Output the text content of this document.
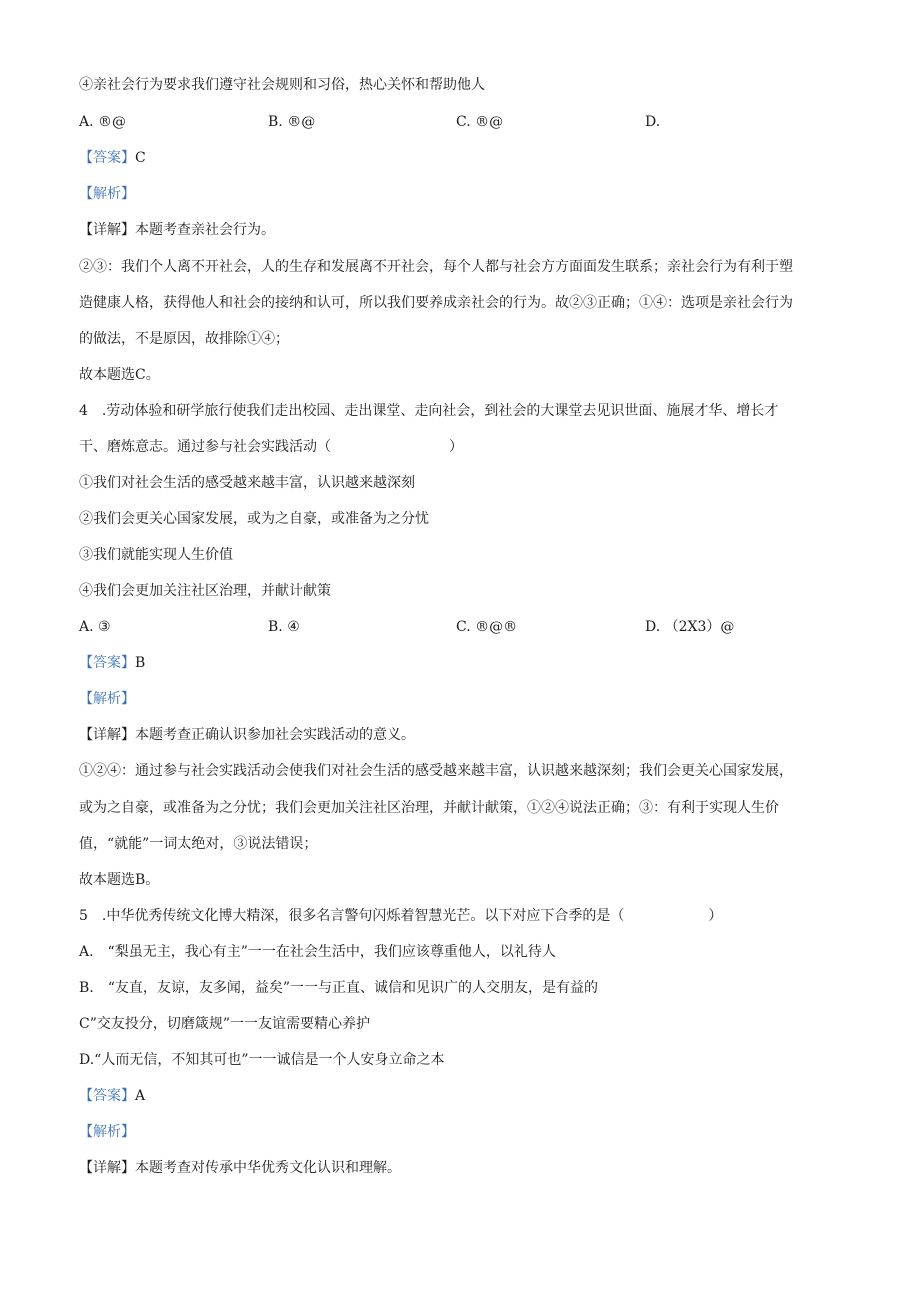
④亲社会行为要求我们遵守社会规则和习俗，热心关怀和帮助他人
A. ®@	B. ®@	C. ®@	D.
【答案】C
【解析】
【详解】本题考查亲社会行为。
②③：我们个人离不开社会，人的生存和发展离不开社会，每个人都与社会方方面面发生联系；亲社会行为有利于塑
造健康人格，获得他人和社会的接纳和认可，所以我们要养成亲社会的行为。故②③正确；①④：选项是亲社会行为
的做法，不是原因，故排除①④；
故本题选C。
4　.劳动体验和研学旅行使我们走出校园、走出课堂、走向社会，到社会的大课堂去见识世面、施展才华、增长才
干、磨炼意志。通过参与社会实践活动（	）
①我们对社会生活的感受越来越丰富，认识越来越深刻
②我们会更关心国家发展，或为之自豪，或准备为之分忧
③我们就能实现人生价值
④我们会更加关注社区治理，并献计献策
A. ③	B. ④	C. ®@®	D. （2X3）@
【答案】B
【解析】
【详解】本题考查正确认识参加社会实践活动的意义。
①②④：通过参与社会实践活动会使我们对社会生活的感受越来越丰富，认识越来越深刻；我们会更关心国家发展，
或为之自豪，或准备为之分忧；我们会更加关注社区治理，并献计献策，①②④说法正确；③：有利于实现人生价
值，“就能”一词太绝对，③说法错误；
故本题选B。
5　.中华优秀传统文化博大精深，很多名言警句闪烁着智慧光芒。以下对应下合季的是（	）
A.　“梨虽无主，我心有主”一一在社会生活中，我们应该尊重他人，以礼待人
B.　“友直，友谅，友多闻，益矣”一一与正直、诚信和见识广的人交朋友，是有益的
C”交友投分，切磨箴规”一一友谊需要精心养护
D.“人而无信，不知其可也”一一诚信是一个人安身立命之本
【答案】A
【解析】
【详解】本题考查对传承中华优秀文化认识和理解。
